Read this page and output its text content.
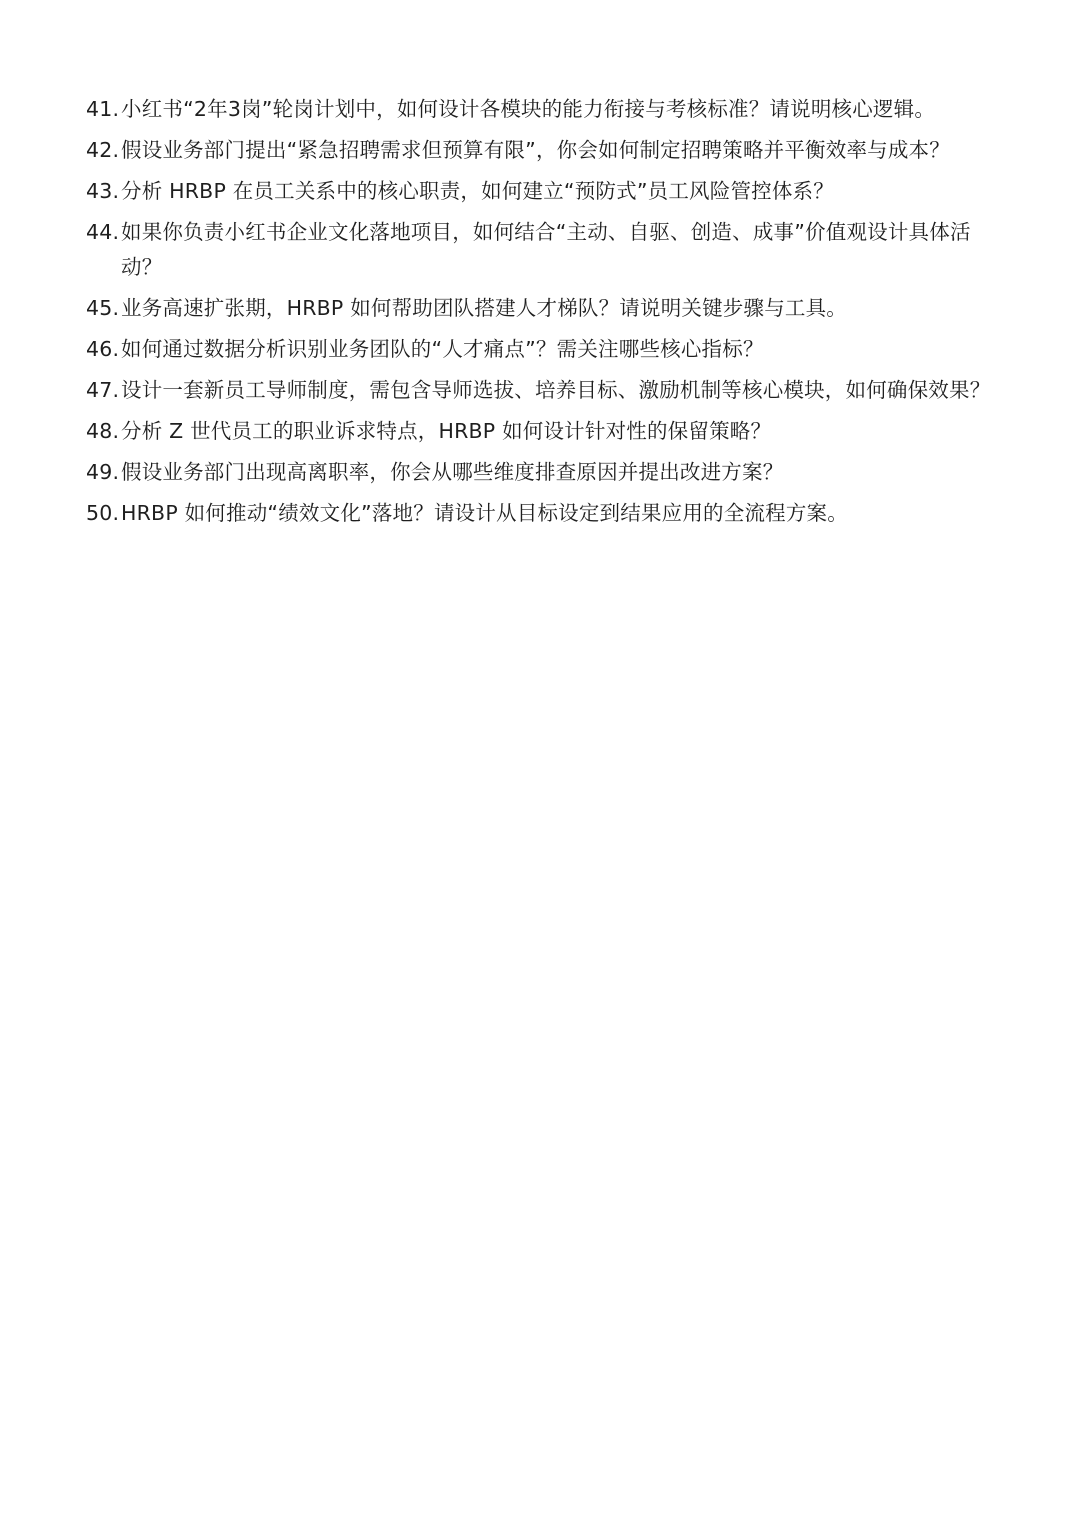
41. 小红书“2年3岗”轮岗计划中，如何设计各模块的能力衔接与考核标准？请说明核心逻辑。
42. 假设业务部门提出“紧急招聘需求但预算有限”，你会如何制定招聘策略并平衡效率与成本？
43. 分析 HRBP 在员工关系中的核心职责，如何建立“预防式”员工风险管控体系？
44. 如果你负责小红书企业文化落地项目，如何结合“主动、自驱、创造、成事”价值观设计具体活动？
45. 业务高速扩张期，HRBP 如何帮助团队搭建人才梯队？请说明关键步骤与工具。
46. 如何通过数据分析识别业务团队的“人才痛点”？需关注哪些核心指标？
47. 设计一套新员工导师制度，需包含导师选拔、培养目标、激励机制等核心模块，如何确保效果？
48. 分析 Z 世代员工的职业诉求特点，HRBP 如何设计针对性的保留策略？
49. 假设业务部门出现高离职率，你会从哪些维度排查原因并提出改进方案？
50. HRBP 如何推动“绩效文化”落地？请设计从目标设定到结果应用的全流程方案。
